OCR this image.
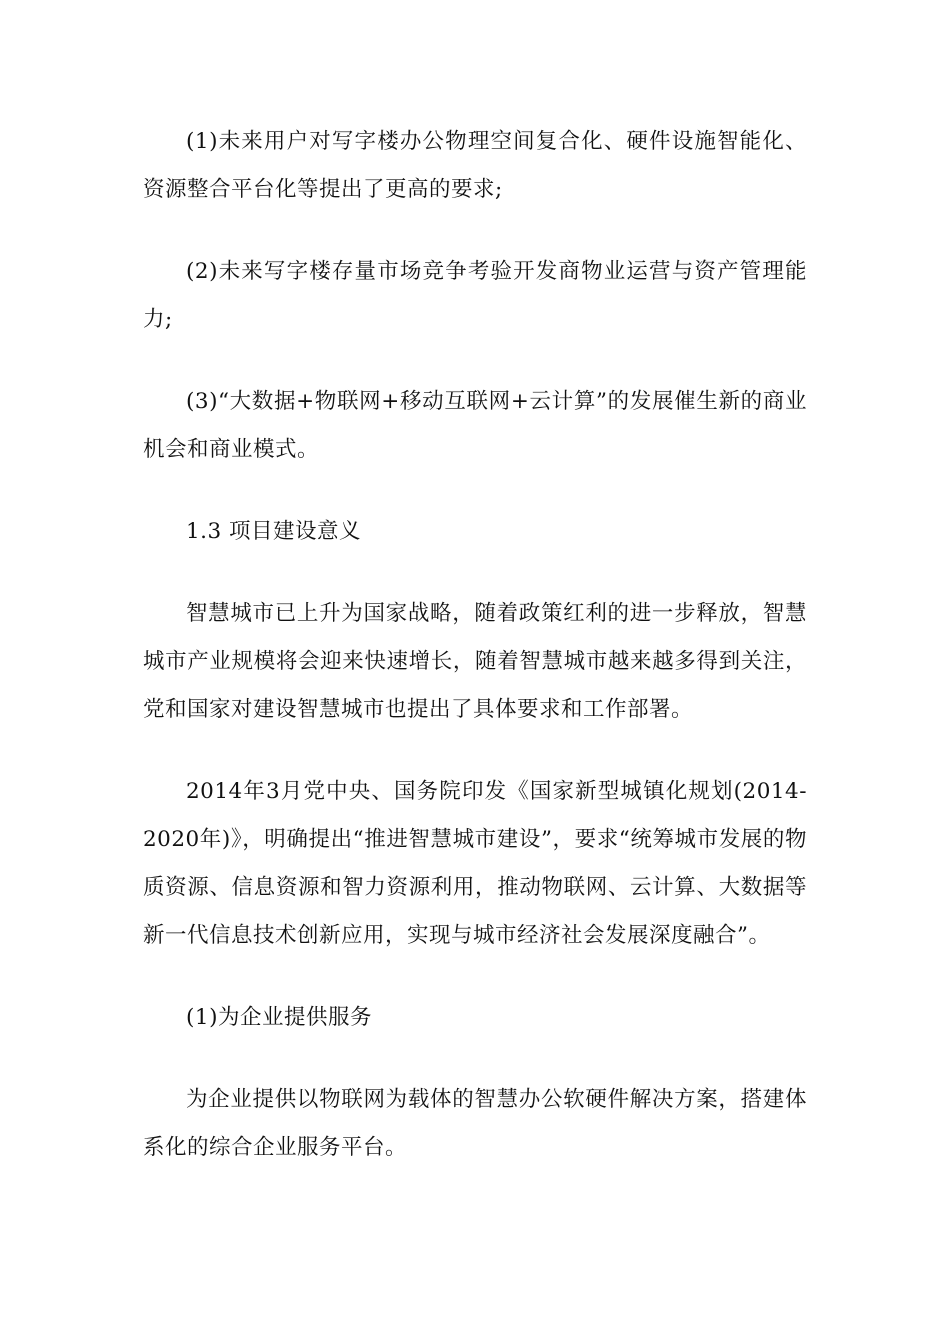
(1)未来用户对写字楼办公物理空间复合化、硬件设施智能化、资源整合平台化等提出了更高的要求;

(2)未来写字楼存量市场竞争考验开发商物业运营与资产管理能力;

(3)“大数据+物联网+移动互联网+云计算”的发展催生新的商业机会和商业模式。

1.3 项目建设意义

智慧城市已上升为国家战略，随着政策红利的进一步释放，智慧城市产业规模将会迎来快速增长，随着智慧城市越来越多得到关注，党和国家对建设智慧城市也提出了具体要求和工作部署。

2014年3月党中央、国务院印发《国家新型城镇化规划(2014-2020年)》，明确提出“推进智慧城市建设”，要求“统筹城市发展的物质资源、信息资源和智力资源利用，推动物联网、云计算、大数据等新一代信息技术创新应用，实现与城市经济社会发展深度融合”。

(1)为企业提供服务

为企业提供以物联网为载体的智慧办公软硬件解决方案，搭建体系化的综合企业服务平台。
